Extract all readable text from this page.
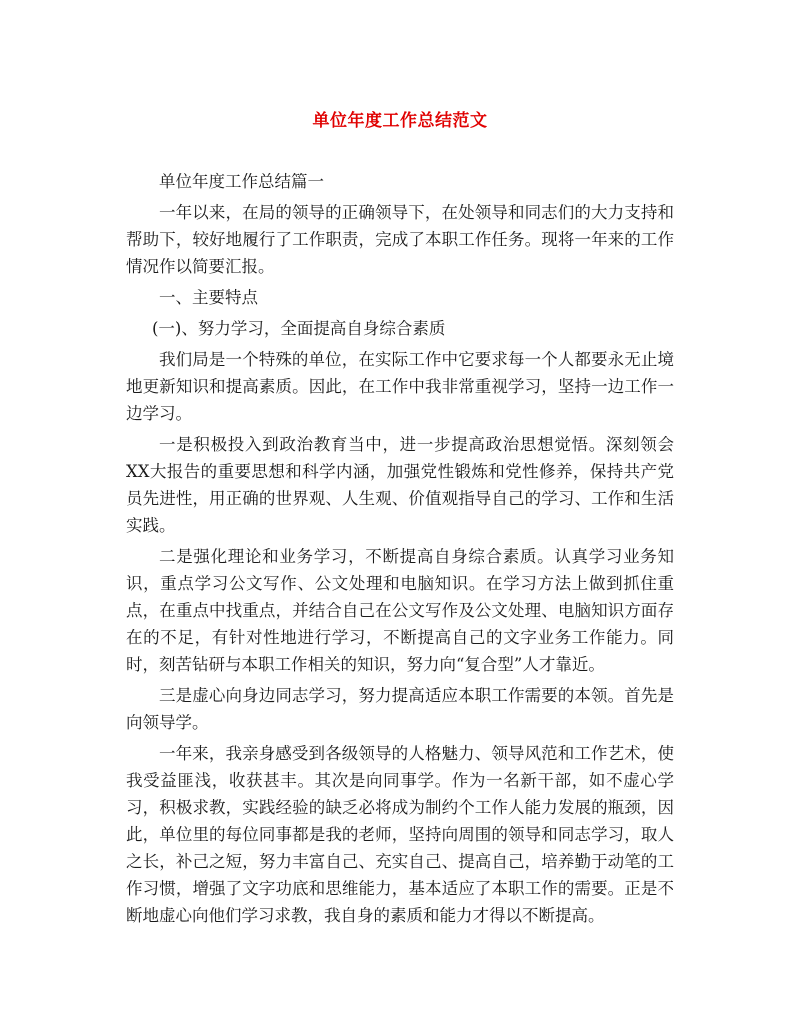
单位年度工作总结范文

单位年度工作总结篇一

一年以来，在局的领导的正确领导下，在处领导和同志们的大力支持和帮助下，较好地履行了工作职责，完成了本职工作任务。现将一年来的工作情况作以简要汇报。

一、主要特点

(一)、努力学习，全面提高自身综合素质

我们局是一个特殊的单位，在实际工作中它要求每一个人都要永无止境地更新知识和提高素质。因此，在工作中我非常重视学习，坚持一边工作一边学习。

一是积极投入到政治教育当中，进一步提高政治思想觉悟。深刻领会XX大报告的重要思想和科学内涵，加强党性锻炼和党性修养，保持共产党员先进性，用正确的世界观、人生观、价值观指导自己的学习、工作和生活实践。

二是强化理论和业务学习，不断提高自身综合素质。认真学习业务知识，重点学习公文写作、公文处理和电脑知识。在学习方法上做到抓住重点，在重点中找重点，并结合自己在公文写作及公文处理、电脑知识方面存在的不足，有针对性地进行学习，不断提高自己的文字业务工作能力。同时，刻苦钻研与本职工作相关的知识，努力向“复合型”人才靠近。

三是虚心向身边同志学习，努力提高适应本职工作需要的本领。首先是向领导学。

一年来，我亲身感受到各级领导的人格魅力、领导风范和工作艺术，使我受益匪浅，收获甚丰。其次是向同事学。作为一名新干部，如不虚心学习，积极求教，实践经验的缺乏必将成为制约个工作人能力发展的瓶颈，因此，单位里的每位同事都是我的老师，坚持向周围的领导和同志学习，取人之长，补己之短，努力丰富自己、充实自己、提高自己，培养勤于动笔的工作习惯，增强了文字功底和思维能力，基本适应了本职工作的需要。正是不断地虚心向他们学习求教，我自身的素质和能力才得以不断提高。
